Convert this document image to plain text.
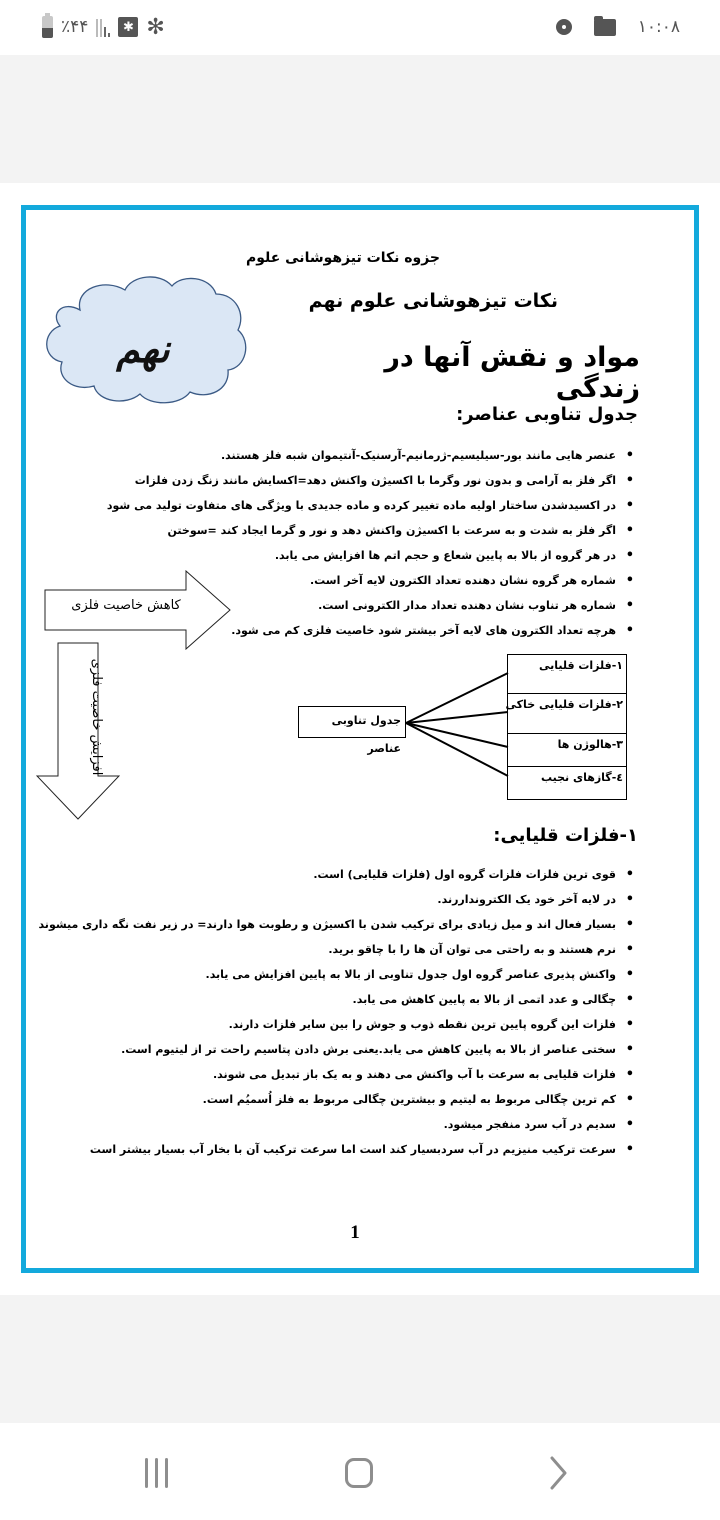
٪۴۴	✱ ✻	۱۰:۰۸
جزوه نکات تیزهوشانی علوم
نکات تیزهوشانی علوم نهم
مواد و نقش آنها در زندگی
نهم
جدول تناوبی عناصر:
• عنصر هایی مانند بور-سیلیسیم-ژرمانیم-آرسنیک-آنتیموان شبه فلز هستند.
• اگر فلز به آرامی و بدون نور وگرما با اکسیژن واکنش دهد=اکسایش مانند زنگ زدن فلزات
• در اکسیدشدن ساختار اولیه ماده تغییر کرده و ماده جدیدی با ویژگی های متفاوت تولید می شود
• اگر فلز به شدت و به سرعت با اکسیژن واکنش دهد و نور و گرما ایجاد کند =سوختن
• در هر گروه از بالا به پایین شعاع و حجم اتم ها افزایش می یابد.
• شماره هر گروه نشان دهنده تعداد الکترون لایه آخر است.
• شماره هر تناوب نشان دهنده تعداد مدار الکترونی است.
• هرچه تعداد الکترون های لایه آخر بیشتر شود خاصیت فلزی کم می شود.
کاهش خاصیت فلزی
افزایش خاصیت فلزی	جدول تناوبی عناصر
۱-فلزات قلیایی
۲-فلزات قلیایی خاکی
۳-هالوژن ها
٤-گازهای نجیب
۱-فلزات قلیایی:
• قوی ترین فلزات فلزات گروه اول (فلزات قلیایی) است.
• در لایه آخر خود یک الکترونداررند.
• بسیار فعال اند و میل زیادی برای ترکیب شدن با اکسیژن و رطوبت هوا دارند= در زیر نفت نگه داری میشوند
• نرم هستند و به راحتی می توان آن ها را با چاقو برید.
• واکنش پذیری عناصر گروه اول جدول تناوبی از بالا به پایین افزایش می یابد.
• چگالی و عدد اتمی از بالا به پایین کاهش می یابد.
• فلزات این گروه پایین ترین نقطه ذوب و جوش را بین سایر فلزات دارند.
• سختی عناصر از بالا به پایین کاهش می یابد.یعنی برش دادن پتاسیم راحت تر از لیتیوم است.
• فلزات قلیایی به سرعت با آب واکنش می دهند و به یک باز تبدیل می شوند.
• کم ترین چگالی مربوط به لیتیم و بیشترین چگالی مربوط به فلز اُسمیُم است.
• سدیم در آب سرد منفجر میشود.
• سرعت ترکیب منیزیم در آب سردبسیار کند است اما سرعت ترکیب آن با بخار آب بسیار بیشتر است
1
